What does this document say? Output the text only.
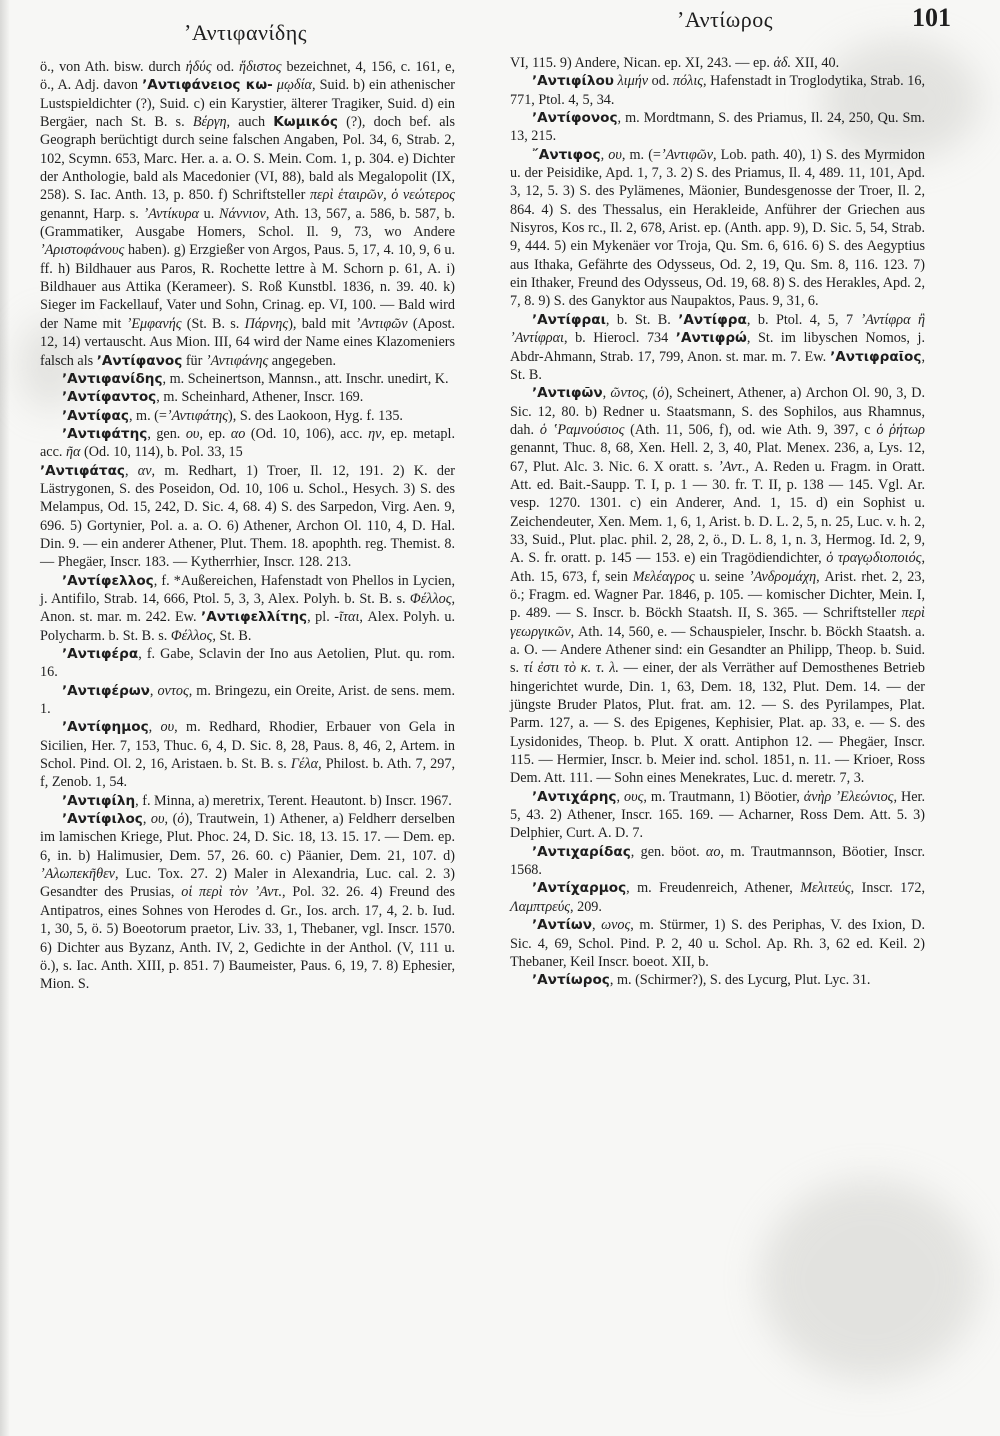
ʼΑντιφανίδης
ʼΑντίωρος	101

ö., von Ath. bisw. durch ἡδύς od. ἥδιστος bezeichnet, 4, 156, c. 161, e, ö., A. Adj. davon ʼΑντιφάνειος κω- μῳδία, Suid. b) ein athenischer Lustspieldichter (?), Suid. c) ein Karystier, älterer Tragiker, Suid. d) ein Bergäer, nach St. B. s. Βέργη, auch Κωμικός (?), doch bef. als Geograph berüchtigt durch seine falschen Angaben, Pol. 34, 6, Strab. 2, 102, Scymn. 653, Marc. Her. a. a. O. S. Mein. Com. 1, p. 304. e) Dichter der Anthologie, bald als Macedonier (VI, 88), bald als Megalopolit (IX, 258). S. Iac. Anth. 13, p. 850. f) Schriftsteller περὶ ἑταιρῶν, ὁ νεώτερος genannt, Harp. s. ʼΑντίκυρα u. Νάννιον, Ath. 13, 567, a. 586, b. 587, b. (Grammatiker, Ausgabe Homers, Schol. Il. 9, 73, wo Andere ʼΑριστοφάνους haben). g) Erzgießer von Argos, Paus. 5, 17, 4. 10, 9, 6 u. ff. h) Bildhauer aus Paros, R. Rochette lettre à M. Schorn p. 61, A. i) Bildhauer aus Attika (Kerameer). S. Roß Kunstbl. 1836, n. 39. 40. k) Sieger im Fackellauf, Vater und Sohn, Crinag. ep. VI, 100. — Bald wird der Name mit ʼΕμφανής (St. B. s. Πάρνης), bald mit ʼΑντιφῶν (Apost. 12, 14) vertauscht. Aus Mion. III, 64 wird der Name eines Klazomeniers falsch als ʼΑντίφανος für ʼΑντιφάνης angegeben.

ʼΑντιφανίδης, m. Scheinertson, Mannsn., att. Inschr. unedirt, K.

ʼΑντίφαντος, m. Scheinhard, Athener, Inscr. 169.

ʼΑντίφας, m. (=ʼΑντιφάτης), S. des Laokoon, Hyg. f. 135.

ʼΑντιφάτης, gen. ου, ep. αο (Od. 10, 106), acc. ην, ep. metapl. acc. ῆα (Od. 10, 114), b. Pol. 33, 15

ʼΑντιφάτας, αν, m. Redhart, 1) Troer, Il. 12, 191. 2) K. der Lästrygonen, S. des Poseidon, Od. 10, 106 u. Schol., Hesych. 3) S. des Melampus, Od. 15, 242, D. Sic. 4, 68. 4) S. des Sarpedon, Virg. Aen. 9, 696. 5) Gortynier, Pol. a. a. O. 6) Athener, Archon Ol. 110, 4, D. Hal. Din. 9. — ein anderer Athener, Plut. Them. 18. apophth. reg. Themist. 8. — Phegäer, Inscr. 183. — Kytherrhier, Inscr. 128. 213.

ʼΑντίφελλος, f. *Außereichen, Hafenstadt von Phellos in Lycien, j. Antifilo, Strab. 14, 666, Ptol. 5, 3, 3, Alex. Polyh. b. St. B. s. Φέλλος, Anon. st. mar. m. 242. Ew. ʼΑντιφελλίτης, pl. -ῖται, Alex. Polyh. u. Polycharm. b. St. B. s. Φέλλος, St. B.

ʼΑντιφέρα, f. Gabe, Sclavin der Ino aus Aetolien, Plut. qu. rom. 16.

ʼΑντιφέρων, οντος, m. Bringezu, ein Oreite, Arist. de sens. mem. 1.

ʼΑντίφημος, ου, m. Redhard, Rhodier, Erbauer von Gela in Sicilien, Her. 7, 153, Thuc. 6, 4, D. Sic. 8, 28, Paus. 8, 46, 2, Artem. in Schol. Pind. Ol. 2, 16, Aristaen. b. St. B. s. Γέλα, Philost. b. Ath. 7, 297, f, Zenob. 1, 54.

ʼΑντιφίλη, f. Minna, a) meretrix, Terent. Heautont. b) Inscr. 1967.

ʼΑντίφιλος, ου, (ὁ), Trautwein, 1) Athener, a) Feldherr derselben im lamischen Kriege, Plut. Phoc. 24, D. Sic. 18, 13. 15. 17. — Dem. ep. 6, in. b) Halimusier, Dem. 57, 26. 60. c) Päanier, Dem. 21, 107. d) ʼΑλωπεκῆθεν, Luc. Tox. 27. 2) Maler in Alexandria, Luc. cal. 2. 3) Gesandter des Prusias, οἱ περὶ τὸν ʼΑντ., Pol. 32. 26. 4) Freund des Antipatros, eines Sohnes von Herodes d. Gr., Ios. arch. 17, 4, 2. b. Iud. 1, 30, 5, ö. 5) Boeotorum praetor, Liv. 33, 1, Thebaner, vgl. Inscr. 1570. 6) Dichter aus Byzanz, Anth. IV, 2, Gedichte in der Anthol. (V, 111 u. ö.), s. Iac. Anth. XIII, p. 851. 7) Baumeister, Paus. 6, 19, 7. 8) Ephesier, Mion. S.

VI, 115. 9) Andere, Nican. ep. XI, 243. — ep. ἀδ. XII, 40.

ʼΑντιφίλου λιμήν od. πόλις, Hafenstadt in Troglodytika, Strab. 16, 771, Ptol. 4, 5, 34.

ʼΑντίφονος, m. Mordtmann, S. des Priamus, Il. 24, 250, Qu. Sm. 13, 215.

῎Αντιφος, ου, m. (=ʼΑντιφῶν, Lob. path. 40), 1) S. des Myrmidon u. der Peisidike, Apd. 1, 7, 3. 2) S. des Priamus, Il. 4, 489. 11, 101, Apd. 3, 12, 5. 3) S. des Pylämenes, Mäonier, Bundesgenosse der Troer, Il. 2, 864. 4) S. des Thessalus, ein Herakleide, Anführer der Griechen aus Nisyros, Kos rc., Il. 2, 678, Arist. ep. (Anth. app. 9), D. Sic. 5, 54, Strab. 9, 444. 5) ein Mykenäer vor Troja, Qu. Sm. 6, 616. 6) S. des Aegyptius aus Ithaka, Gefährte des Odysseus, Od. 2, 19, Qu. Sm. 8, 116. 123. 7) ein Ithaker, Freund des Odysseus, Od. 19, 68. 8) S. des Herakles, Apd. 2, 7, 8. 9) S. des Ganyktor aus Naupaktos, Paus. 9, 31, 6.

ʼΑντίφραι, b. St. B. ʼΑντίφρα, b. Ptol. 4, 5, 7 ʼΑντίφρα ἢ ʼΑντίφραι, b. Hierocl. 734 ʼΑντιφρώ, St. im libyschen Nomos, j. Abdr-Ahmann, Strab. 17, 799, Anon. st. mar. m. 7. Ew. ʼΑντιφραῖος, St. B.

ʼΑντιφῶν, ῶντος, (ὁ), Scheinert, Athener, a) Archon Ol. 90, 3, D. Sic. 12, 80. b) Redner u. Staatsmann, S. des Sophilos, aus Rhamnus, dah. ὁ ʽΡαμνούσιος (Ath. 11, 506, f), od. wie Ath. 9, 397, c ὁ ῥήτωρ genannt, Thuc. 8, 68, Xen. Hell. 2, 3, 40, Plat. Menex. 236, a, Lys. 12, 67, Plut. Alc. 3. Nic. 6. X oratt. s. ʼΑντ., A. Reden u. Fragm. in Oratt. Att. ed. Bait.-Saupp. T. I, p. 1 — 30. fr. T. II, p. 138 — 145. Vgl. Ar. vesp. 1270. 1301. c) ein Anderer, And. 1, 15. d) ein Sophist u. Zeichendeuter, Xen. Mem. 1, 6, 1, Arist. b. D. L. 2, 5, n. 25, Luc. v. h. 2, 33, Suid., Plut. plac. phil. 2, 28, 2, ö., D. L. 8, 1, n. 3, Hermog. Id. 2, 9, A. S. fr. oratt. p. 145 — 153. e) ein Tragödiendichter, ὁ τραγῳδιοποιός, Ath. 15, 673, f, sein Μελέαγρος u. seine ʼΑνδρομάχη, Arist. rhet. 2, 23, ö.; Fragm. ed. Wagner Par. 1846, p. 105. — komischer Dichter, Mein. I, p. 489. — S. Inscr. b. Böckh Staatsh. II, S. 365. — Schriftsteller περὶ γεωργικῶν, Ath. 14, 560, e. — Schauspieler, Inschr. b. Böckh Staatsh. a. a. O. — Andere Athener sind: ein Gesandter an Philipp, Theop. b. Suid. s. τί ἐστι τὸ κ. τ. λ. — einer, der als Verräther auf Demosthenes Betrieb hingerichtet wurde, Din. 1, 63, Dem. 18, 132, Plut. Dem. 14. — der jüngste Bruder Platos, Plut. frat. am. 12. — S. des Pyrilampes, Plat. Parm. 127, a. — S. des Epigenes, Kephisier, Plat. ap. 33, e. — S. des Lysidonides, Theop. b. Plut. X oratt. Antiphon 12. — Phegäer, Inscr. 115. — Hermier, Inscr. b. Meier ind. schol. 1851, n. 11. — Krioer, Ross Dem. Att. 111. — Sohn eines Menekrates, Luc. d. meretr. 7, 3.

ʼΑντιχάρης, ους, m. Trautmann, 1) Böotier, ἀνὴρ ʼΕλεώνιος, Her. 5, 43. 2) Athener, Inscr. 165. 169. — Acharner, Ross Dem. Att. 5. 3) Delphier, Curt. A. D. 7.

ʼΑντιχαρίδας, gen. böot. αο, m. Trautmannson, Böotier, Inscr. 1568.

ʼΑντίχαρμος, m. Freudenreich, Athener, Μελιτεύς, Inscr. 172, Λαμπτρεύς, 209.

ʼΑντίων, ωνος, m. Stürmer, 1) S. des Periphas, V. des Ixion, D. Sic. 4, 69, Schol. Pind. P. 2, 40 u. Schol. Ap. Rh. 3, 62 ed. Keil. 2) Thebaner, Keil Inscr. boeot. XII, b.

ʼΑντίωρος, m. (Schirmer?), S. des Lycurg, Plut. Lyc. 31.
